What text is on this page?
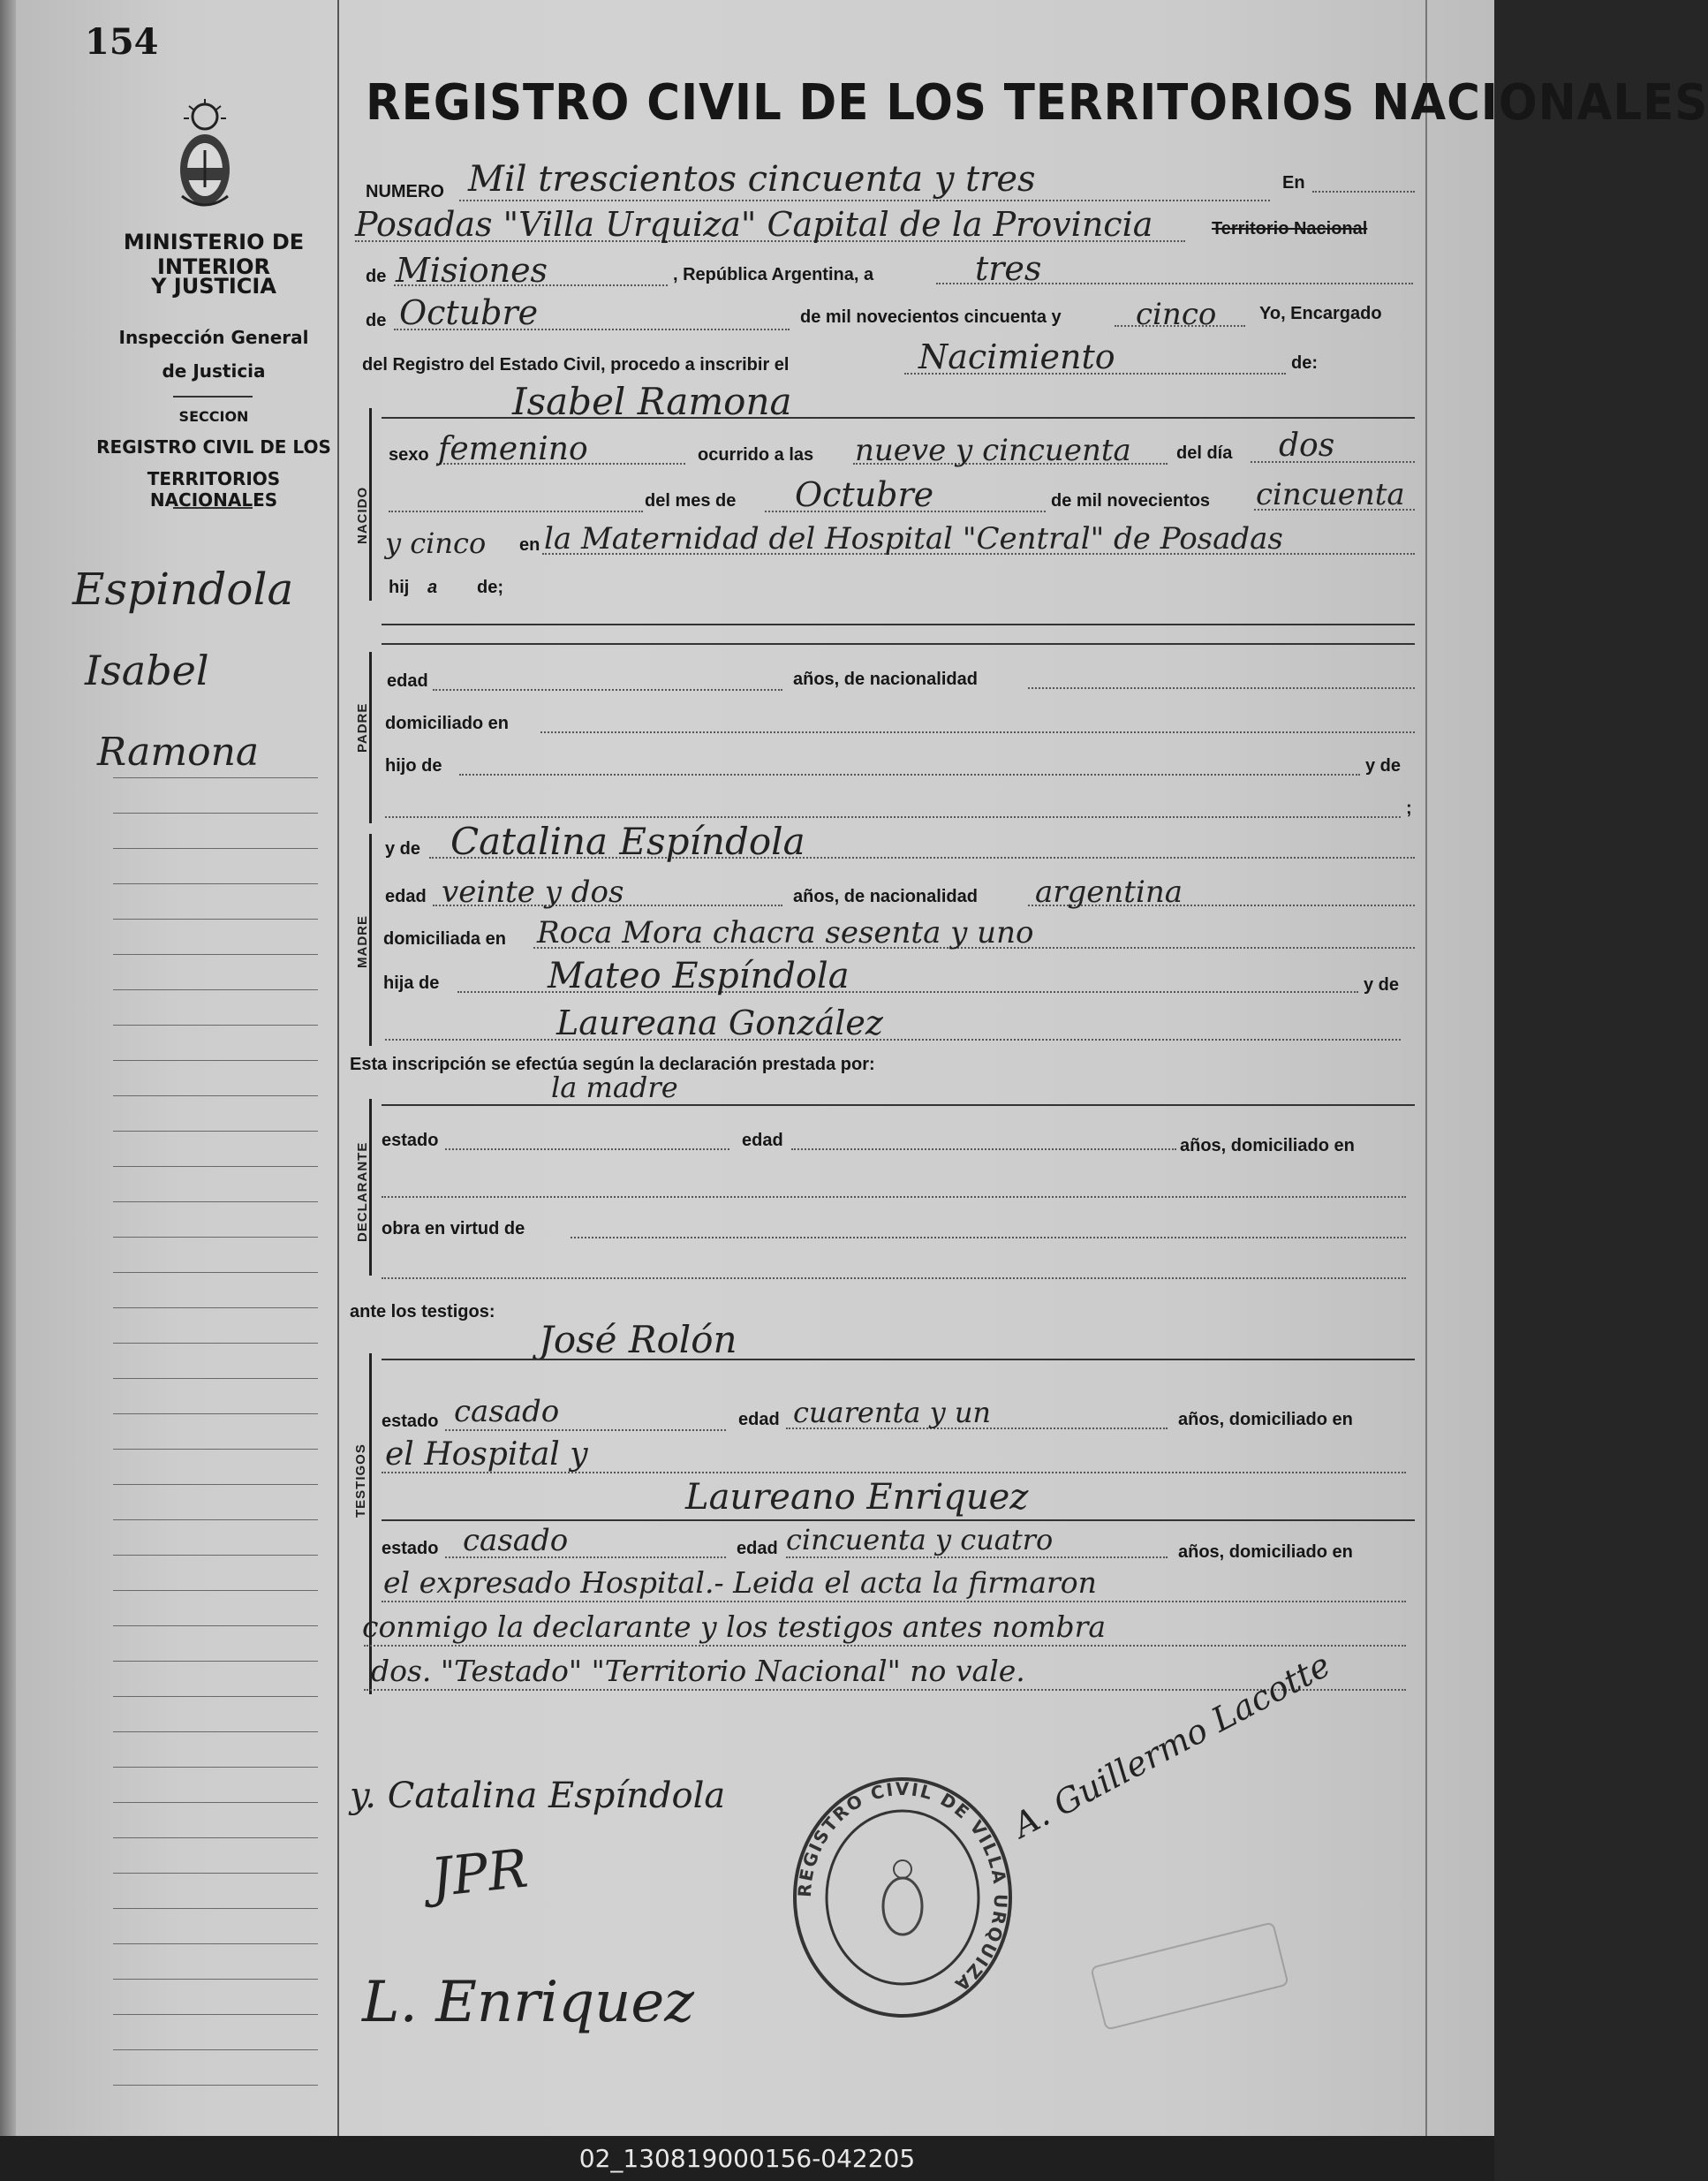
154
MINISTERIO DE INTERIOR
Y JUSTICIA
Inspección General
de Justicia
SECCION
REGISTRO CIVIL DE LOS
TERRITORIOS NACIONALES
Espindola
Isabel
Ramona
REGISTRO CIVIL DE LOS TERRITORIOS NACIONALES
NUMERO Mil trescientos cincuenta y tres	En
Posadas "Villa Urquiza" Capital de la Provincia	Territorio Nacional
de Misiones	, República Argentina, a	tres
de Octubre	de mil novecientos cincuenta y cinco Yo, Encargado
del Registro del Estado Civil, procedo a inscribir el	Nacimiento	de:
NACIDO
Isabel Ramona
sexo femenino	ocurrido a las nueve y cincuenta	del día dos
del mes de Octubre	de mil novecientos cincuenta
y cinco en la Maternidad del Hospital "Central" de Posadas
hij a de;
PADRE
edad	años, de nacionalidad
domiciliado en
hijo de	y de
;
MADRE
y de Catalina Espíndola
edad veinte y dos	años, de nacionalidad argentina
domiciliada en Roca Mora chacra sesenta y uno
hija de	Mateo Espíndola	y de
Laureana González
Esta inscripción se efectúa según la declaración prestada por:
la madre
DECLARANTE
estado	edad	años, domiciliado en
obra en virtud de
ante los testigos:
José Rolón
TESTIGOS
estado casado	edad cuarenta y un	años, domiciliado en
el Hospital y
Laureano Enriquez
estado casado	edad cincuenta y cuatro	años, domiciliado en
el expresado Hospital.- Leida el acta la firmaron
conmigo la declarante y los testigos antes nombra
dos. "Testado" "Territorio Nacional" no vale.
y. Catalina Espíndola
JPR
L. Enriquez
A. Guillermo Lacotte
REGISTRO CIVIL DE VILLA URQUIZA
02_130819000156-042205
